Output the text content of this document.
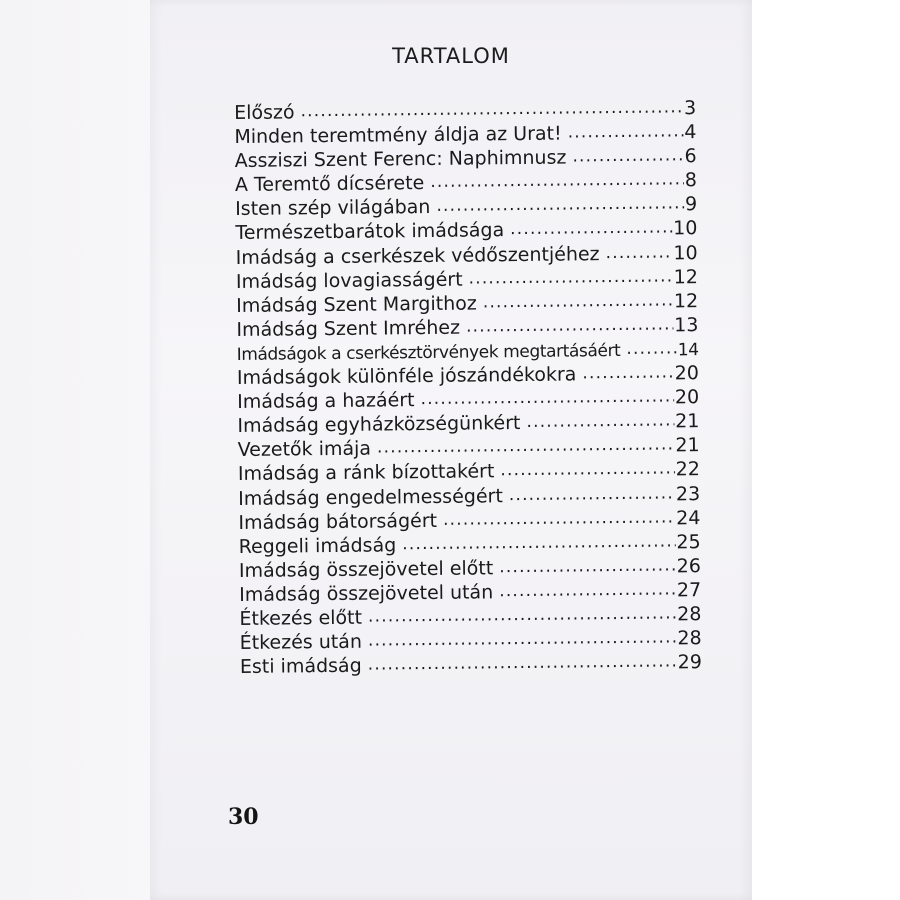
TARTALOM
Előszó .....	3
Minden teremtmény áldja az Urat! .....	4
Assziszi Szent Ferenc: Naphimnusz .....	6
A Teremtő dícsérete .....	8
Isten szép világában .....	9
Természetbarátok imádsága .....	10
Imádság a cserkészek védőszentjéhez .....	10
Imádság lovagiasságért .....	12
Imádság Szent Margithoz .....	12
Imádság Szent Imréhez .....	13
Imádságok a cserkésztörvények megtartásáért .....	14
Imádságok különféle jószándékokra .....	20
Imádság a hazáért .....	20
Imádság egyházközségünkért .....	21
Vezetők imája .....	21
Imádság a ránk bízottakért .....	22
Imádság engedelmességért .....	23
Imádság bátorságért .....	24
Reggeli imádság .....	25
Imádság összejövetel előtt .....	26
Imádság összejövetel után .....	27
Étkezés előtt .....	28
Étkezés után .....	28
Esti imádság .....	29
30
